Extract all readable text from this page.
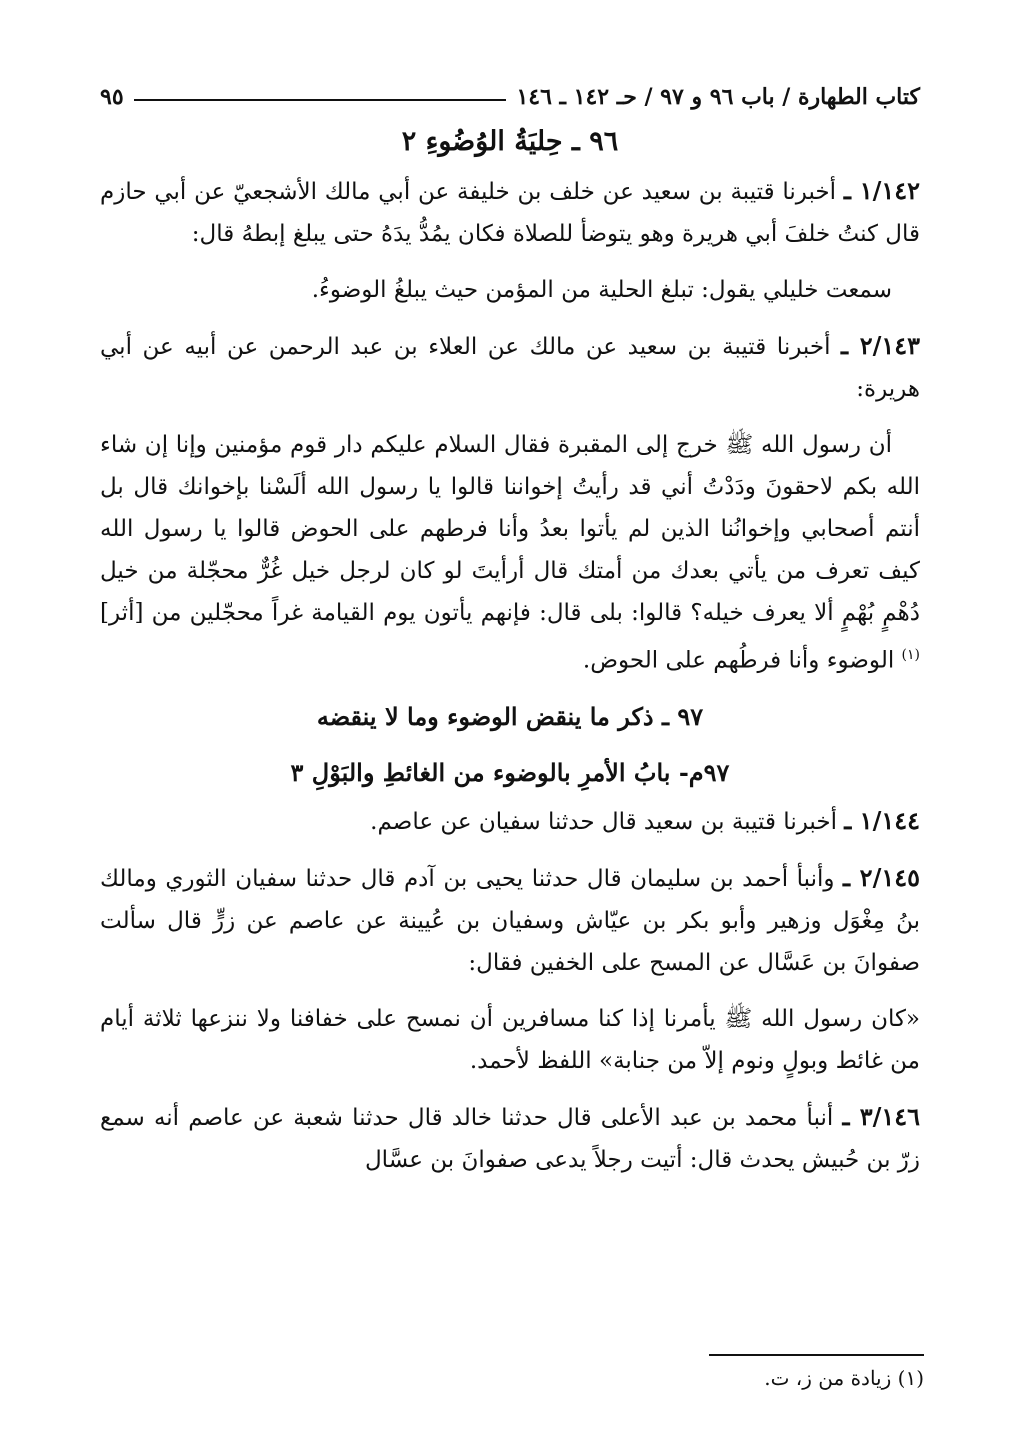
كتاب الطهارة / باب ٩٦ و ٩٧ / حـ ١٤٢ ـ ١٤٦
٩٥
٩٦ ـ حِليَةُ الوُضُوءِ ٢

١/١٤٢ ـ أخبرنا قتيبة بن سعيد عن خلف بن خليفة عن أبي مالك الأشجعيّ عن أبي حازم قال كنتُ خلفَ أبي هريرة وهو يتوضأ للصلاة فكان يمُدُّ يدَهُ حتى يبلغ إبطهُ قال:

سمعت خليلي يقول: تبلغ الحلية من المؤمن حيث يبلغُ الوضوءُ.

٢/١٤٣ ـ أخبرنا قتيبة بن سعيد عن مالك عن العلاء بن عبد الرحمن عن أبيه عن أبي هريرة:

أن رسول الله ﷺ خرج إلى المقبرة فقال السلام عليكم دار قوم مؤمنين وإنا إن شاء الله بكم لاحقونَ ودَدْتُ أني قد رأيتُ إخواننا قالوا يا رسول الله ألَسْنا بإخوانك قال بل أنتم أصحابي وإخوانُنا الذين لم يأتوا بعدُ وأنا فرطهم على الحوض قالوا يا رسول الله كيف تعرف من يأتي بعدك من أمتك قال أرأيتَ لو كان لرجل خيل غُرٌّ محجّلة من خيل دُهْمٍ بُهْمٍ ألا يعرف خيله؟ قالوا: بلى قال: فإنهم يأتون يوم القيامة غراً محجّلين من [أثر]$^{(١)}$ الوضوء وأنا فرطُهم على الحوض.

٩٧ ـ ذكر ما ينقض الوضوء وما لا ينقضه
٩٧م- بابُ الأمرِ بالوضوء من الغائطِ والبَوْلِ ٣

١/١٤٤ ـ أخبرنا قتيبة بن سعيد قال حدثنا سفيان عن عاصم.

٢/١٤٥ ـ وأنبأ أحمد بن سليمان قال حدثنا يحيى بن آدم قال حدثنا سفيان الثوري ومالك بنُ مِغْوَل وزهير وأبو بكر بن عيّاش وسفيان بن عُيينة عن عاصم عن زرٍّ قال سألت صفوانَ بن عَسَّال عن المسح على الخفين فقال:

«كان رسول الله ﷺ يأمرنا إذا كنا مسافرين أن نمسح على خفافنا ولا ننزعها ثلاثة أيام من غائط وبولٍ ونوم إلاّ من جنابة» اللفظ لأحمد.

٣/١٤٦ ـ أنبأ محمد بن عبد الأعلى قال حدثنا خالد قال حدثنا شعبة عن عاصم أنه سمع زرّ بن حُبيش يحدث قال: أتيت رجلاً يدعى صفوانَ بن عسَّال

(١) زيادة من ز، ت.
